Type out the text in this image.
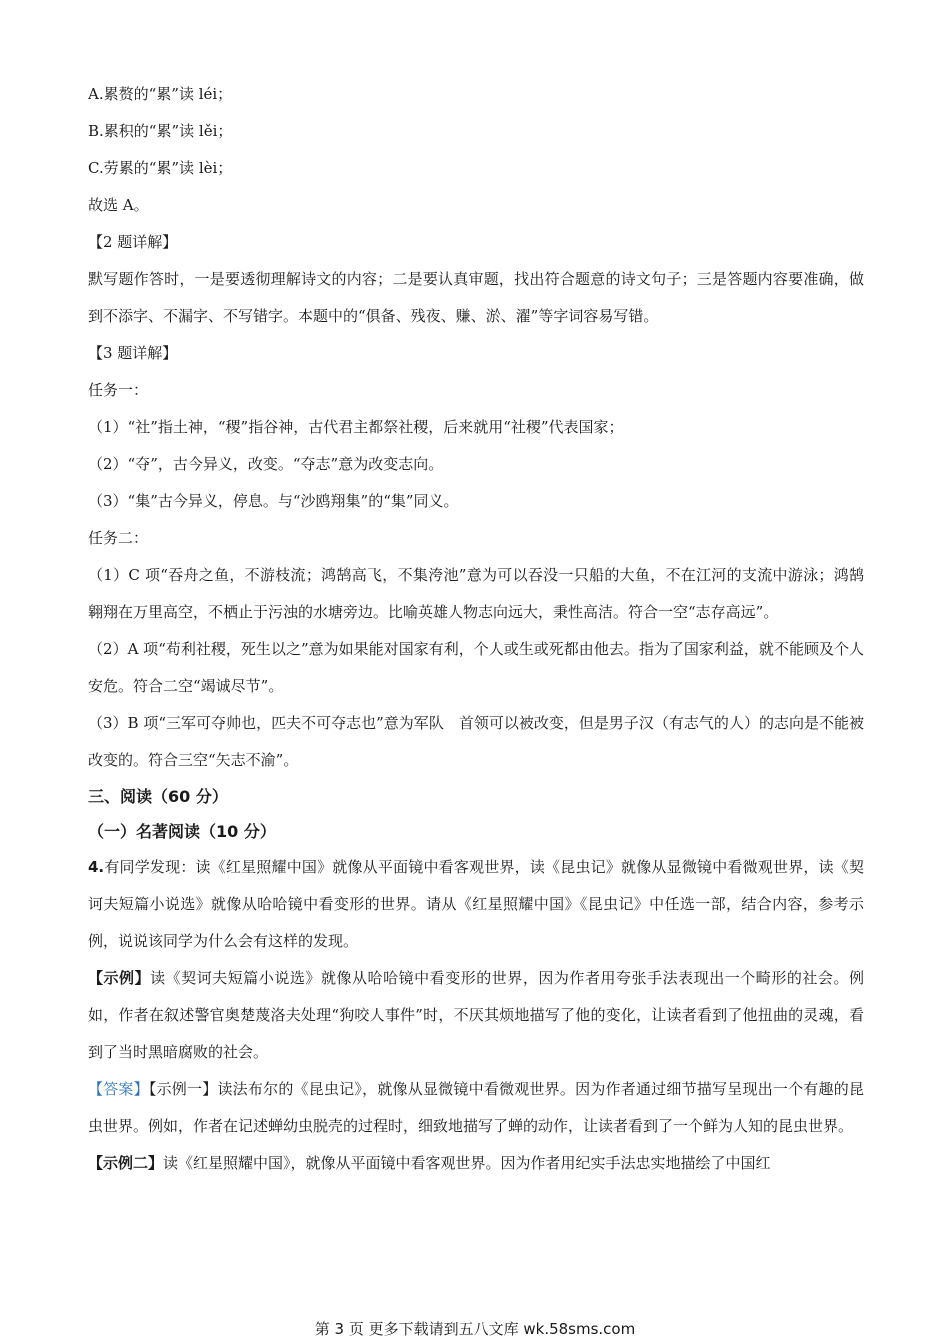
A.累赘的“累”读 léi；
B.累积的“累”读 lěi；
C.劳累的“累”读 lèi；
故选 A。
【2 题详解】
默写题作答时，一是要透彻理解诗文的内容；二是要认真审题，找出符合题意的诗文句子；三是答题内容要准确，做到不添字、不漏字、不写错字。本题中的“俱备、残夜、赚、淤、濯”等字词容易写错。
【3 题详解】
任务一：
（1）“社”指土神，“稷”指谷神，古代君主都祭社稷，后来就用“社稷”代表国家；
（2）“夺”，古今异义，改变。“夺志”意为改变志向。
（3）“集”古今异义，停息。与“沙鸥翔集”的“集”同义。
任务二：
（1）C 项“吞舟之鱼，不游枝流；鸿鹄高飞，不集洿池”意为可以吞没一只船的大鱼，不在江河的支流中游泳；鸿鹄翱翔在万里高空，不栖止于污浊的水塘旁边。比喻英雄人物志向远大，秉性高洁。符合一空“志存高远”。
（2）A 项“苟利社稷，死生以之”意为如果能对国家有利，个人或生或死都由他去。指为了国家利益，就不能顾及个人安危。符合二空“竭诚尽节”。
（3）B 项“三军可夺帅也，匹夫不可夺志也”意为军队　首领可以被改变，但是男子汉（有志气的人）的志向是不能被改变的。符合三空“矢志不渝”。
三、阅读（60 分）
（一）名著阅读（10 分）
4.有同学发现：读《红星照耀中国》就像从平面镜中看客观世界，读《昆虫记》就像从显微镜中看微观世界，读《契诃夫短篇小说选》就像从哈哈镜中看变形的世界。请从《红星照耀中国》《昆虫记》中任选一部，结合内容，参考示例，说说该同学为什么会有这样的发现。
【示例】读《契诃夫短篇小说选》就像从哈哈镜中看变形的世界，因为作者用夸张手法表现出一个畸形的社会。例如，作者在叙述警官奥楚蔑洛夫处理“狗咬人事件”时，不厌其烦地描写了他的变化，让读者看到了他扭曲的灵魂，看到了当时黑暗腐败的社会。
【答案】【示例一】读法布尔的《昆虫记》，就像从显微镜中看微观世界。因为作者通过细节描写呈现出一个有趣的昆虫世界。例如，作者在记述蝉幼虫脱壳的过程时，细致地描写了蝉的动作，让读者看到了一个鲜为人知的昆虫世界。
【示例二】读《红星照耀中国》，就像从平面镜中看客观世界。因为作者用纪实手法忠实地描绘了中国红
第 3 页 更多下载请到五八文库 wk.58sms.com
